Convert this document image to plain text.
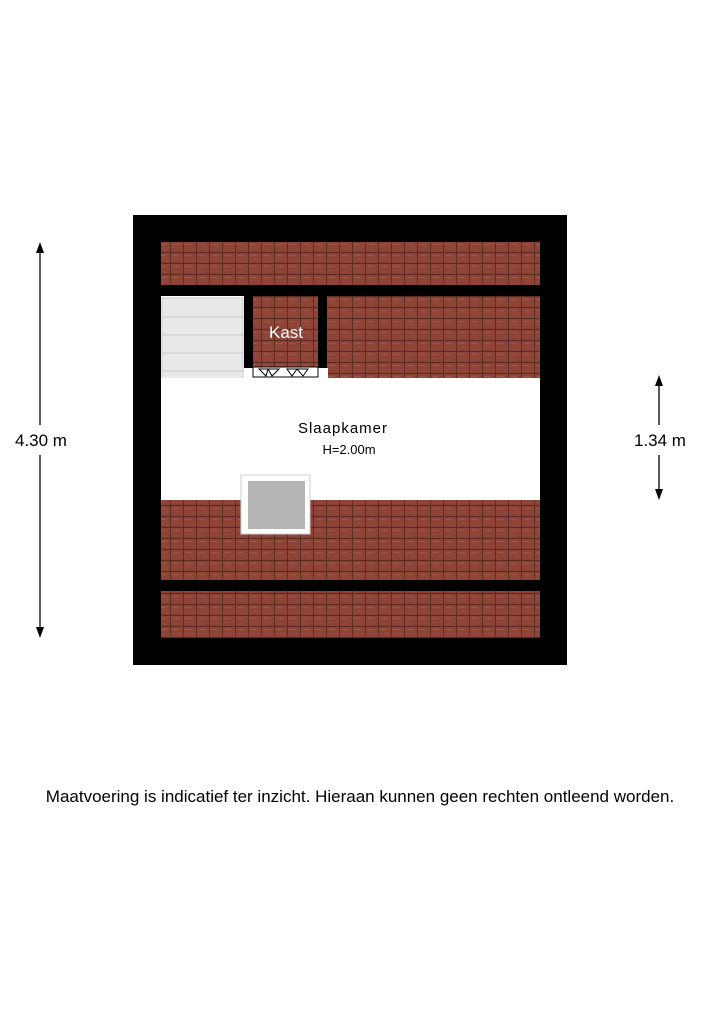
Kast
Slaapkamer
H=2.00m
4.30 m	1.34 m
Maatvoering is indicatief ter inzicht. Hieraan kunnen geen rechten ontleend worden.
